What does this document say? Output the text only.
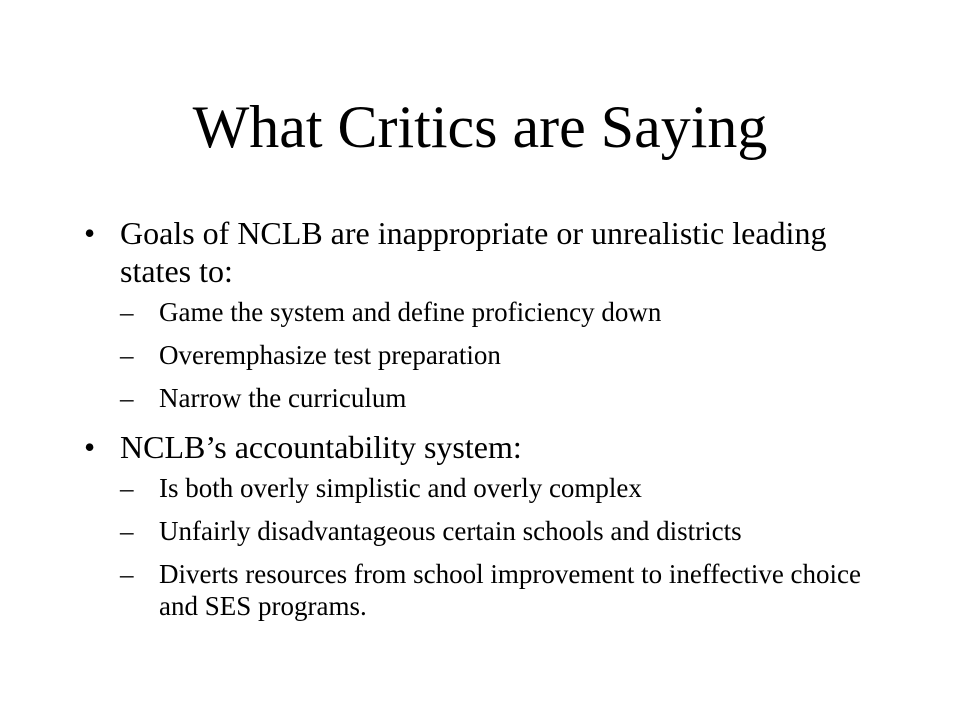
What Critics are Saying
• Goals of NCLB are inappropriate or unrealistic leading states to:
– Game the system and define proficiency down
– Overemphasize test preparation
– Narrow the curriculum
• NCLB’s accountability system:
– Is both overly simplistic and overly complex
– Unfairly disadvantageous certain schools and districts
– Diverts resources from school improvement to ineffective choice and SES programs.
